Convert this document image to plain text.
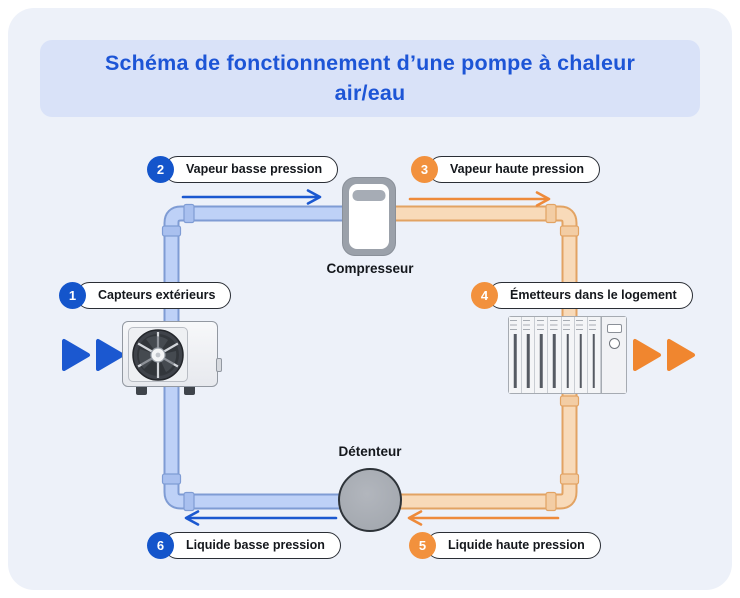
Schéma de fonctionnement d’une pompe à chaleur
air/eau
Compresseur
Détenteur
1	Capteurs extérieurs
2	Vapeur basse pression	3	Vapeur haute pression
4	Émetteurs dans le logement
5	Liquide haute pression
6	Liquide basse pression
